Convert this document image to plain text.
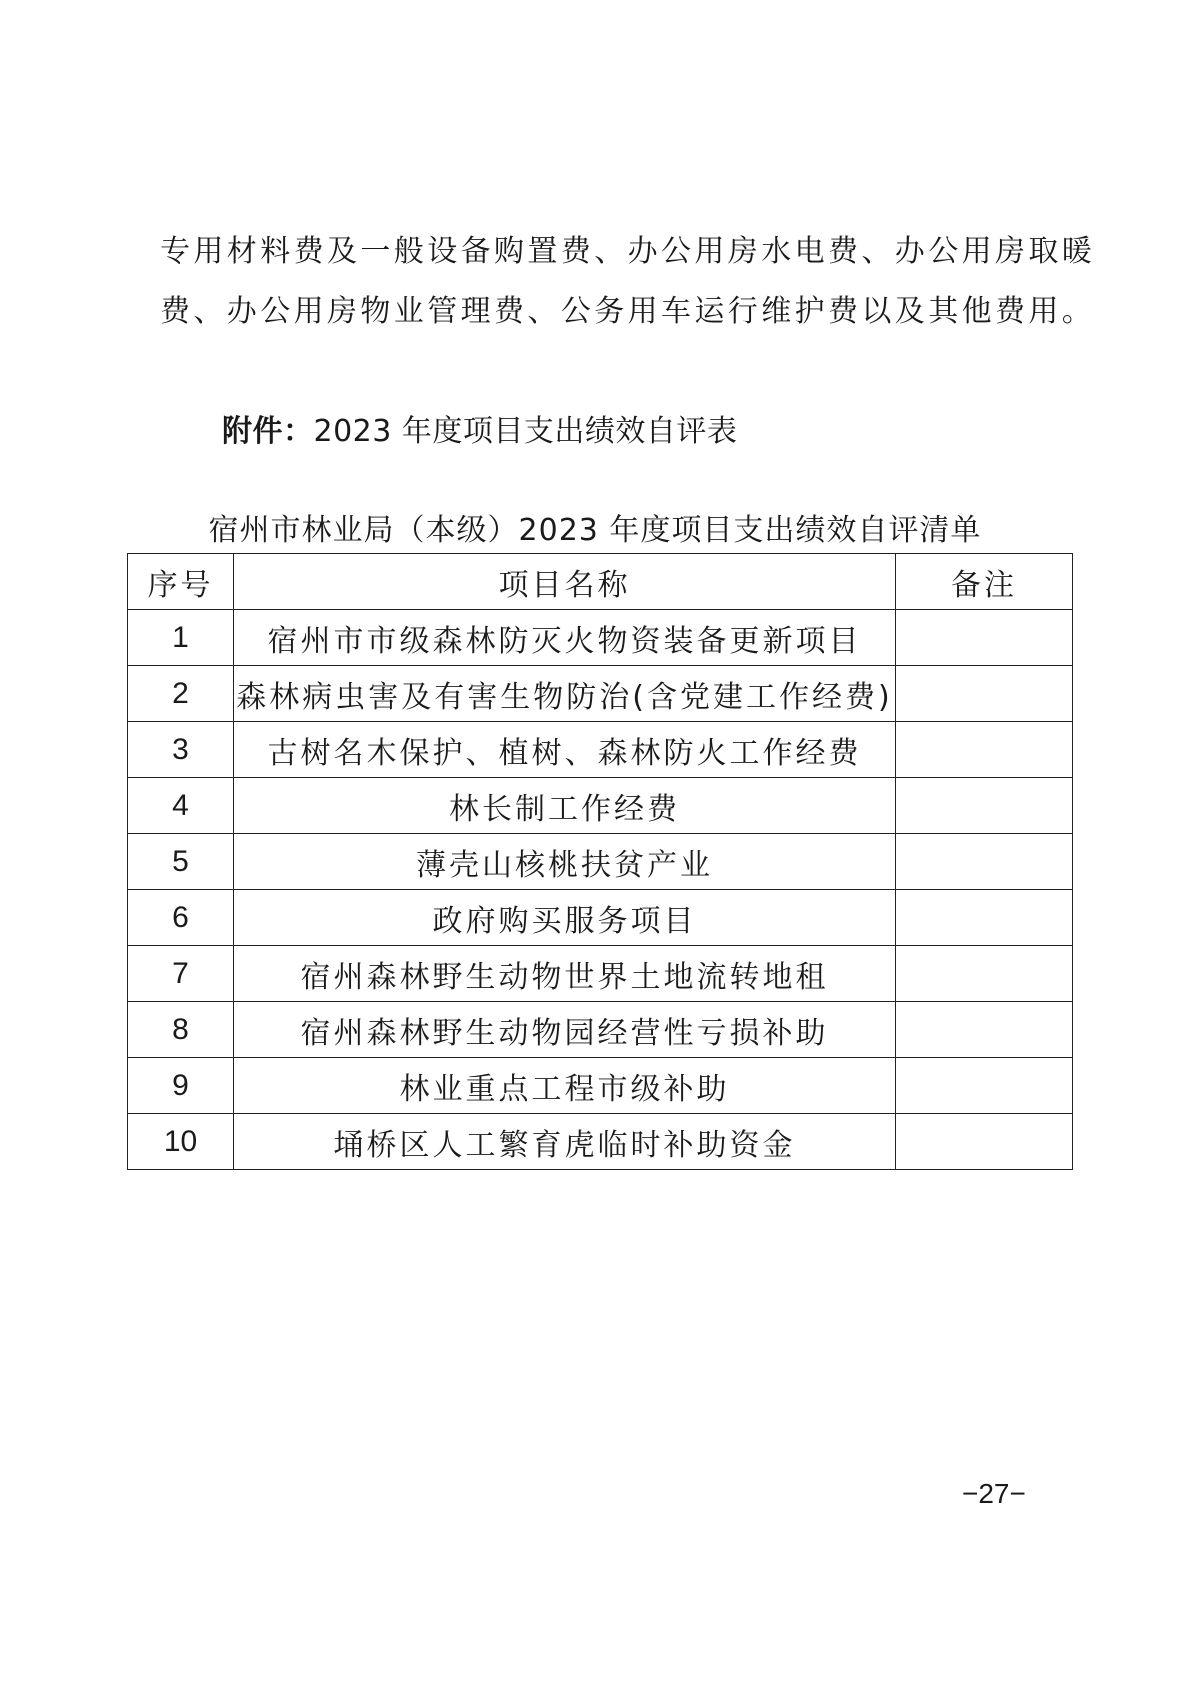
专用材料费及一般设备购置费、办公用房水电费、办公用房取暖
费、办公用房物业管理费、公务用车运行维护费以及其他费用。
附件：2023 年度项目支出绩效自评表
宿州市林业局（本级）2023 年度项目支出绩效自评清单
序号	项目名称	备注
1	宿州市市级森林防灭火物资装备更新项目	
2	森林病虫害及有害生物防治(含党建工作经费)	
3	古树名木保护、植树、森林防火工作经费	
4	林长制工作经费	
5	薄壳山核桃扶贫产业	
6	政府购买服务项目	
7	宿州森林野生动物世界土地流转地租	
8	宿州森林野生动物园经营性亏损补助	
9	林业重点工程市级补助	
10	埇桥区人工繁育虎临时补助资金	
−27−
